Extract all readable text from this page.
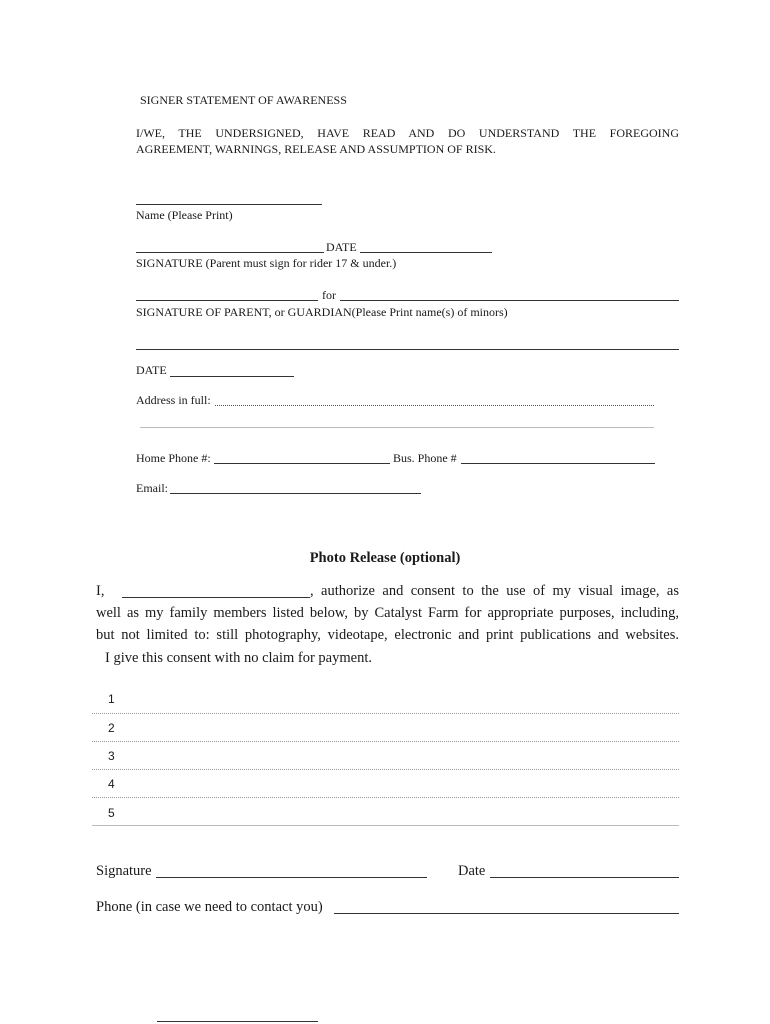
SIGNER STATEMENT OF AWARENESS
I/WE, THE UNDERSIGNED, HAVE READ AND DO UNDERSTAND THE FOREGOING
AGREEMENT, WARNINGS, RELEASE AND ASSUMPTION OF RISK.
Name (Please Print)
DATE
SIGNATURE (Parent must sign for rider 17 & under.)
for
SIGNATURE OF PARENT, or GUARDIAN(Please Print name(s) of minors)
DATE
Address in full:
Home Phone #:	Bus. Phone #
Email:
Photo Release (optional)
I,	, authorize and consent to the use of my visual image, as
well as my family members listed below, by Catalyst Farm for appropriate purposes, including,
but not limited to: still photography, videotape, electronic and print publications and websites.
I give this consent with no claim for payment.
1
2
3
4
5
Signature	Date
Phone (in case we need to contact you)
